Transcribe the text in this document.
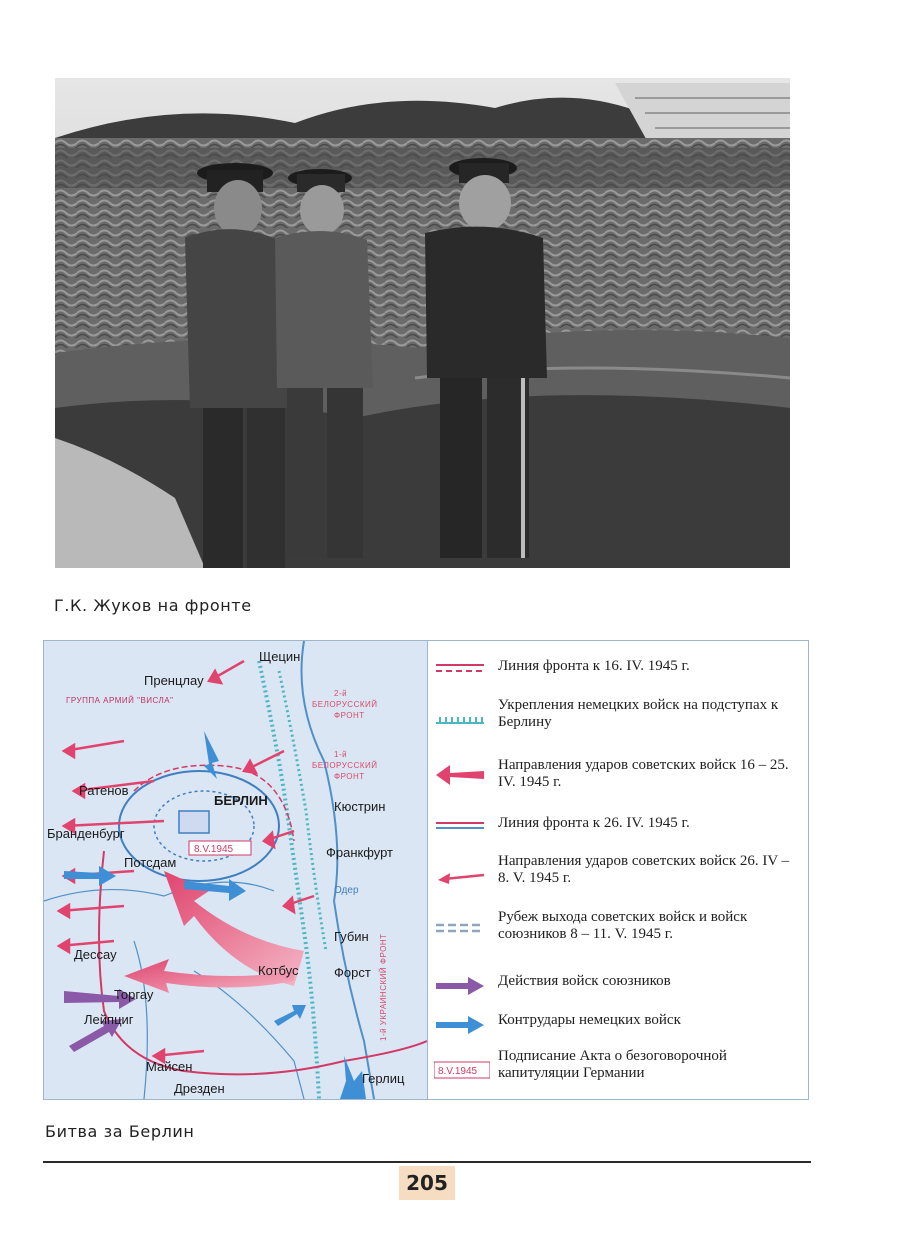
Г.К. Жуков на фронте
Щецин
Пренцлау
Ратенов
БЕРЛИН	Кюстрин
Бранденбург
Потсдам
Франкфурт
Губин
Дессау
Котбус	Форст
Торгау
Лейпциг
Майсен
Герлиц
Дрезден
Одер
ГРУППА АРМИЙ "ВИСЛА"
2-й
БЕЛОРУССКИЙ
ФРОНТ
1-й
БЕЛОРУССКИЙ
ФРОНТ
1-й УКРАИНСКИЙ ФРОНТ
8.V.1945
Линия фронта к 16. IV. 1945 г.
Укрепления немецких войск на подступах к Берлину
Направления ударов советских войск 16 – 25. IV. 1945 г.
Линия фронта к 26. IV. 1945 г.
Направления ударов советских войск 26. IV – 8. V. 1945 г.
Рубеж выхода советских войск и войск союзников 8 – 11. V. 1945 г.
Действия войск союзников
Контрудары немецких войск
8.V.1945
Подписание Акта о безоговорочной капитуляции Германии
Битва за Берлин
205
